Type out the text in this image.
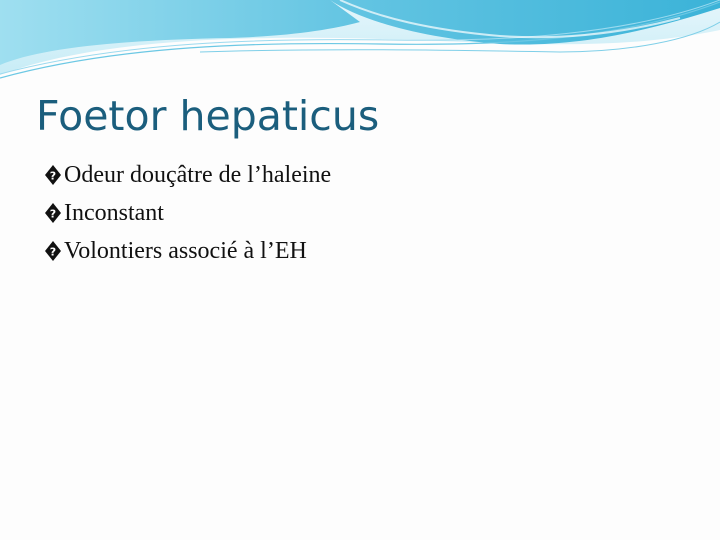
Foetor hepaticus
? Odeur douçâtre de l’haleine
? Inconstant
? Volontiers associé à l’EH
